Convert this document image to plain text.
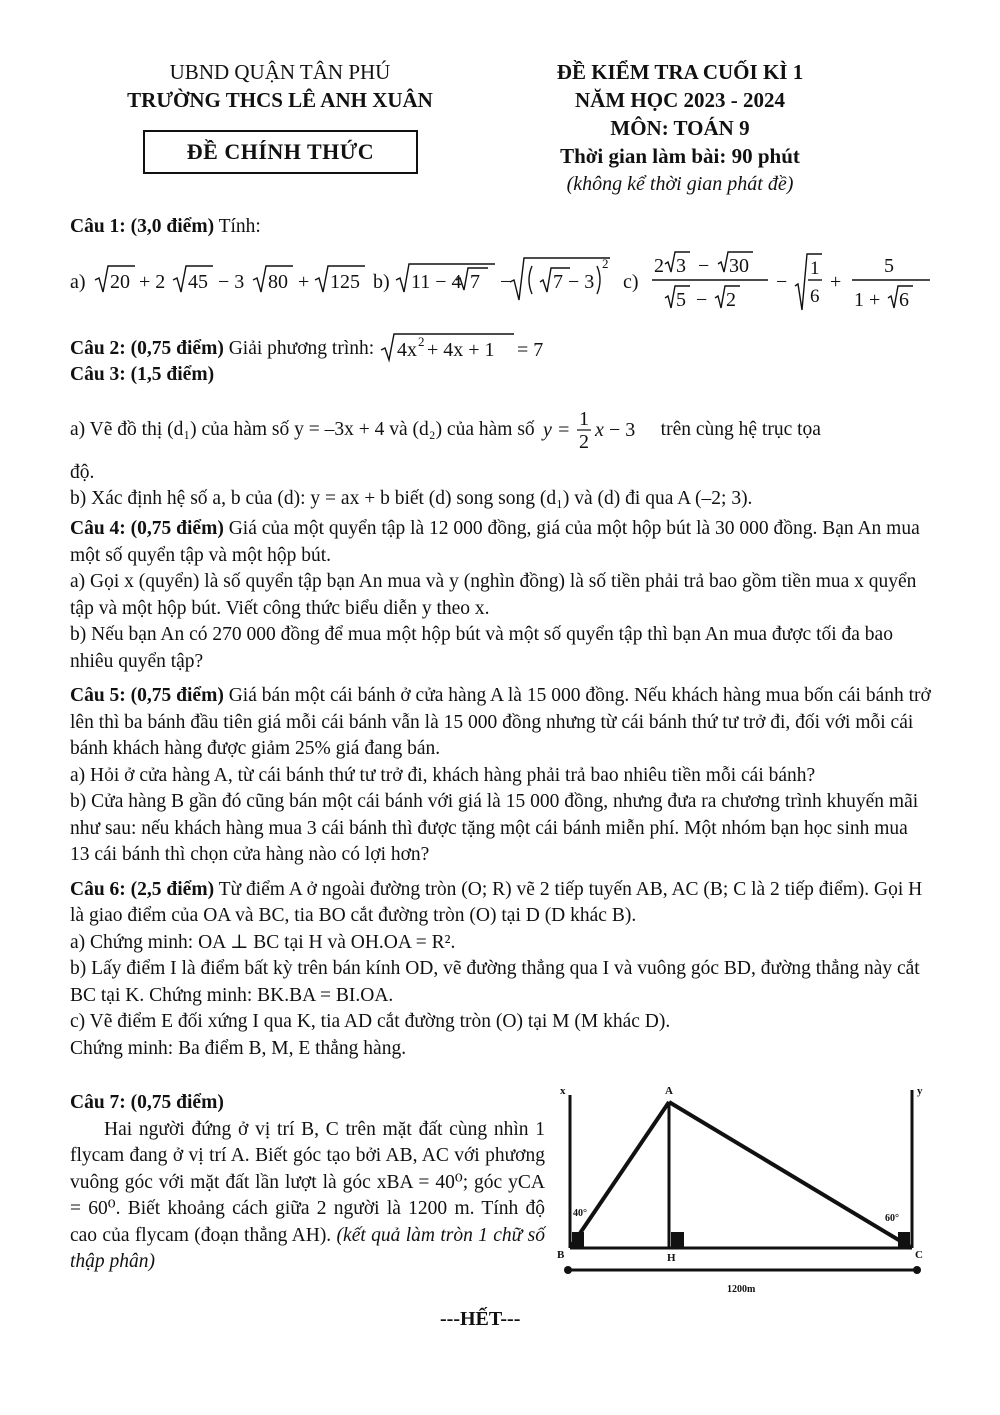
UBND QUẬN TÂN PHÚ

TRƯỜNG THCS LÊ ANH XUÂN

ĐỀ CHÍNH THỨC

ĐỀ KIỂM TRA CUỐI KÌ 1

NĂM HỌC 2023 - 2024

MÔN: TOÁN 9

Thời gian làm bài: 90 phút

(không kể thời gian phát đề)

Câu 1: (3,0 điểm) Tính:

a) 20 + 2 45 − 3 80 + 125 b) 11 − 4 7 − 7 − 3
2
c)
2 3 − 30
5 − 2
−
1
6
+
5
1 + 6
Câu 2: (0,75 điểm) Giải phương trình: 4x 2 + 4x + 1 = 7

Câu 3: (1,5 điểm)

a) Vẽ đồ thị (d₁) của hàm số y = –3x + 4 và (d₂) của hàm số y = 1
2
x − 3 trên cùng hệ trục tọa

độ.

b) Xác định hệ số a, b của (d): y = ax + b biết (d) song song (d₁) và (d) đi qua A (–2; 3).

Câu 4: (0,75 điểm) Giá của một quyển tập là 12 000 đồng, giá của một hộp bút là 30 000 đồng. Bạn An mua một số quyển tập và một hộp bút.

a) Gọi x (quyển) là số quyển tập bạn An mua và y (nghìn đồng) là số tiền phải trả bao gồm tiền mua x quyển tập và một hộp bút. Viết công thức biểu diễn y theo x.

b) Nếu bạn An có 270 000 đồng để mua một hộp bút và một số quyển tập thì bạn An mua được tối đa bao nhiêu quyển tập?

Câu 5: (0,75 điểm) Giá bán một cái bánh ở cửa hàng A là 15 000 đồng. Nếu khách hàng mua bốn cái bánh trở lên thì ba bánh đầu tiên giá mỗi cái bánh vẫn là 15 000 đồng nhưng từ cái bánh thứ tư trở đi, đối với mỗi cái bánh khách hàng được giảm 25% giá đang bán.

a) Hỏi ở cửa hàng A, từ cái bánh thứ tư trở đi, khách hàng phải trả bao nhiêu tiền mỗi cái bánh?

b) Cửa hàng B gần đó cũng bán một cái bánh với giá là 15 000 đồng, nhưng đưa ra chương trình khuyến mãi như sau: nếu khách hàng mua 3 cái bánh thì được tặng một cái bánh miễn phí. Một nhóm bạn học sinh mua 13 cái bánh thì chọn cửa hàng nào có lợi hơn?

Câu 6: (2,5 điểm) Từ điểm A ở ngoài đường tròn (O; R) vẽ 2 tiếp tuyến AB, AC (B; C là 2 tiếp điểm). Gọi H là giao điểm của OA và BC, tia BO cắt đường tròn (O) tại D (D khác B).

a) Chứng minh: OA ⊥ BC tại H và OH.OA = R².

b) Lấy điểm I là điểm bất kỳ trên bán kính OD, vẽ đường thẳng qua I và vuông góc BD, đường thẳng này cắt BC tại K. Chứng minh: BK.BA = BI.OA.

c) Vẽ điểm E đối xứng I qua K, tia AD cắt đường tròn (O) tại M (M khác D).

Chứng minh: Ba điểm B, M, E thẳng hàng.

Câu 7: (0,75 điểm)

Hai người đứng ở vị trí B, C trên mặt đất cùng nhìn 1 flycam đang ở vị trí A. Biết góc tạo bởi AB, AC với phương vuông góc với mặt đất lần lượt là góc xBA = 40⁰; góc yCA = 60⁰. Biết khoảng cách giữa 2 người là 1200 m. Tính độ cao của flycam (đoạn thẳng AH). (kết quả làm tròn 1 chữ số thập phân)

x	y
A
B	C
H
40°	60°
1200m
---HẾT---
